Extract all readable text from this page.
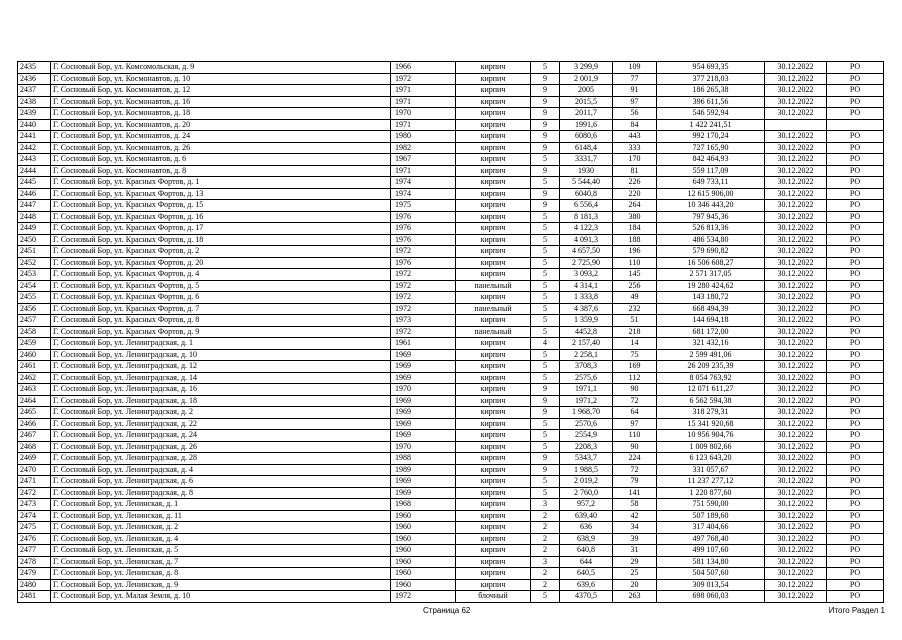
2435	Г. Сосновый Бор, ул. Комсомольская, д. 9	1966	кирпич	5	3 299,9	109	954 693,35	30.12.2022	РО
2436	Г. Сосновый Бор, ул. Космонавтов, д. 10	1972	кирпич	9	2 001,9	77	377 218,03	30.12.2022	РО
2437	Г. Сосновый Бор, ул. Космонавтов, д. 12	1971	кирпич	9	2005	91	186 265,38	30.12.2022	РО
2438	Г. Сосновый Бор, ул. Космонавтов, д. 16	1971	кирпич	9	2015,5	97	396 611,56	30.12.2022	РО
2439	Г. Сосновый Бор, ул. Космонавтов, д. 18	1970	кирпич	9	2011,7	56	546 592,94	30.12.2022	РО
2440	Г. Сосновый Бор, ул. Космонавтов, д. 20	1971	кирпич	9	1991,6	84	1 422 241,51		
2441	Г. Сосновый Бор, ул. Космонавтов, д. 24	1980	кирпич	9	6080,6	443	992 170,24	30.12.2022	РО
2442	Г. Сосновый Бор, ул. Космонавтов, д. 26	1982	кирпич	9	6148,4	333	727 165,90	30.12.2022	РО
2443	Г. Сосновый Бор, ул. Космонавтов, д. 6	1967	кирпич	5	3331,7	170	842 464,93	30.12.2022	РО
2444	Г. Сосновый Бор, ул. Космонавтов, д. 8	1971	кирпич	9	1930	81	559 117,09	30.12.2022	РО
2445	Г. Сосновый Бор, ул. Красных Фортов, д. 1	1974	кирпич	5	5 544,40	226	649 733,11	30.12.2022	РО
2446	Г. Сосновый Бор, ул. Красных Фортов, д. 13	1974	кирпич	9	6040,8	220	12 615 906,00	30.12.2022	РО
2447	Г. Сосновый Бор, ул. Красных Фортов, д. 15	1975	кирпич	9	6 556,4	264	10 346 443,20	30.12.2022	РО
2448	Г. Сосновый Бор, ул. Красных Фортов, д. 16	1976	кирпич	5	8 181,3	380	797 945,36	30.12.2022	РО
2449	Г. Сосновый Бор, ул. Красных Фортов, д. 17	1976	кирпич	5	4 122,3	184	526 813,36	30.12.2022	РО
2450	Г. Сосновый Бор, ул. Красных Фортов, д. 18	1976	кирпич	5	4 091,3	188	486 534,80	30.12.2022	РО
2451	Г. Сосновый Бор, ул. Красных Фортов, д. 2	1972	кирпич	5	4 657,50	196	579 690,82	30.12.2022	РО
2452	Г. Сосновый Бор, ул. Красных Фортов, д. 20	1976	кирпич	5	2 725,90	110	16 506 608,27	30.12.2022	РО
2453	Г. Сосновый Бор, ул. Красных Фортов, д. 4	1972	кирпич	5	3 093,2	145	2 571 317,05	30.12.2022	РО
2454	Г. Сосновый Бор, ул. Красных Фортов, д. 5	1972	панельный	5	4 314,1	256	19 280 424,62	30.12.2022	РО
2455	Г. Сосновый Бор, ул. Красных Фортов, д. 6	1972	кирпич	5	1 333,8	49	143 180,72	30.12.2022	РО
2456	Г. Сосновый Бор, ул. Красных Фортов, д. 7	1972	панельный	5	4 387,6	232	668 494,39	30.12.2022	РО
2457	Г. Сосновый Бор, ул. Красных Фортов, д. 8	1973	кирпич	5	1 359,9	51	144 694,18	30.12.2022	РО
2458	Г. Сосновый Бор, ул. Красных Фортов, д. 9	1972	панельный	5	4452,8	218	681 172,00	30.12.2022	РО
2459	Г. Сосновый Бор, ул. Ленинградская, д. 1	1961	кирпич	4	2 157,40	14	321 432,16	30.12.2022	РО
2460	Г. Сосновый Бор, ул. Ленинградская, д. 10	1969	кирпич	5	2 258,1	75	2 599 491,06	30.12.2022	РО
2461	Г. Сосновый Бор, ул. Ленинградская, д. 12	1969	кирпич	5	3708,3	169	26 209 235,39	30.12.2022	РО
2462	Г. Сосновый Бор, ул. Ленинградская, д. 14	1969	кирпич	5	2575,6	112	8 054 763,92	30.12.2022	РО
2463	Г. Сосновый Бор, ул. Ленинградская, д. 16	1970	кирпич	9	1971,1	90	12 071 611,27	30.12.2022	РО
2464	Г. Сосновый Бор, ул. Ленинградская, д. 18	1969	кирпич	9	1971,2	72	6 562 594,38	30.12.2022	РО
2465	Г. Сосновый Бор, ул. Ленинградская, д. 2	1969	кирпич	9	1 968,70	64	318 279,31	30.12.2022	РО
2466	Г. Сосновый Бор, ул. Ленинградская, д. 22	1969	кирпич	5	2570,6	97	15 341 920,68	30.12.2022	РО
2467	Г. Сосновый Бор, ул. Ленинградская, д. 24	1969	кирпич	5	2554,9	110	10 956 904,76	30.12.2022	РО
2468	Г. Сосновый Бор, ул. Ленинградская, д. 26	1970	кирпич	5	2208,3	90	1 009 802,66	30.12.2022	РО
2469	Г. Сосновый Бор, ул. Ленинградская, д. 28	1988	кирпич	9	5343,7	224	6 123 643,20	30.12.2022	РО
2470	Г. Сосновый Бор, ул. Ленинградская, д. 4	1989	кирпич	9	1 988,5	72	331 057,67	30.12.2022	РО
2471	Г. Сосновый Бор, ул. Ленинградская, д. 6	1969	кирпич	5	2 019,2	79	11 237 277,12	30.12.2022	РО
2472	Г. Сосновый Бор, ул. Ленинградская, д. 8	1969	кирпич	5	2 760,0	141	1 220 877,60	30.12.2022	РО
2473	Г. Сосновый Бор, ул. Ленинская, д. 1	1968	кирпич	3	957,2	58	751 590,00	30.12.2022	РО
2474	Г. Сосновый Бор, ул. Ленинская, д. 11	1960	кирпич	2	639,40	42	507 189,60	30.12.2022	РО
2475	Г. Сосновый Бор, ул. Ленинская, д. 2	1960	кирпич	2	636	34	317 404,66	30.12.2022	РО
2476	Г. Сосновый Бор, ул. Ленинская, д. 4	1960	кирпич	2	638,9	39	497 768,40	30.12.2022	РО
2477	Г. Сосновый Бор, ул. Ленинская, д. 5	1960	кирпич	2	640,8	31	499 107,60	30.12.2022	РО
2478	Г. Сосновый Бор, ул. Ленинская, д. 7	1960	кирпич	3	644	29	581 134,80	30.12.2022	РО
2479	Г. Сосновый Бор, ул. Ленинская, д. 8	1960	кирпич	2	640,5	25	504 507,60	30.12.2022	РО
2480	Г. Сосновый Бор, ул. Ленинская, д. 9	1960	кирпич	2	639,6	20	309 013,54	30.12.2022	РО
2481	Г. Сосновый Бор, ул. Малая Земля, д. 10	1972	блочный	5	4370,5	263	698 060,03	30.12.2022	РО
Страница 62	Итого Раздел 1
